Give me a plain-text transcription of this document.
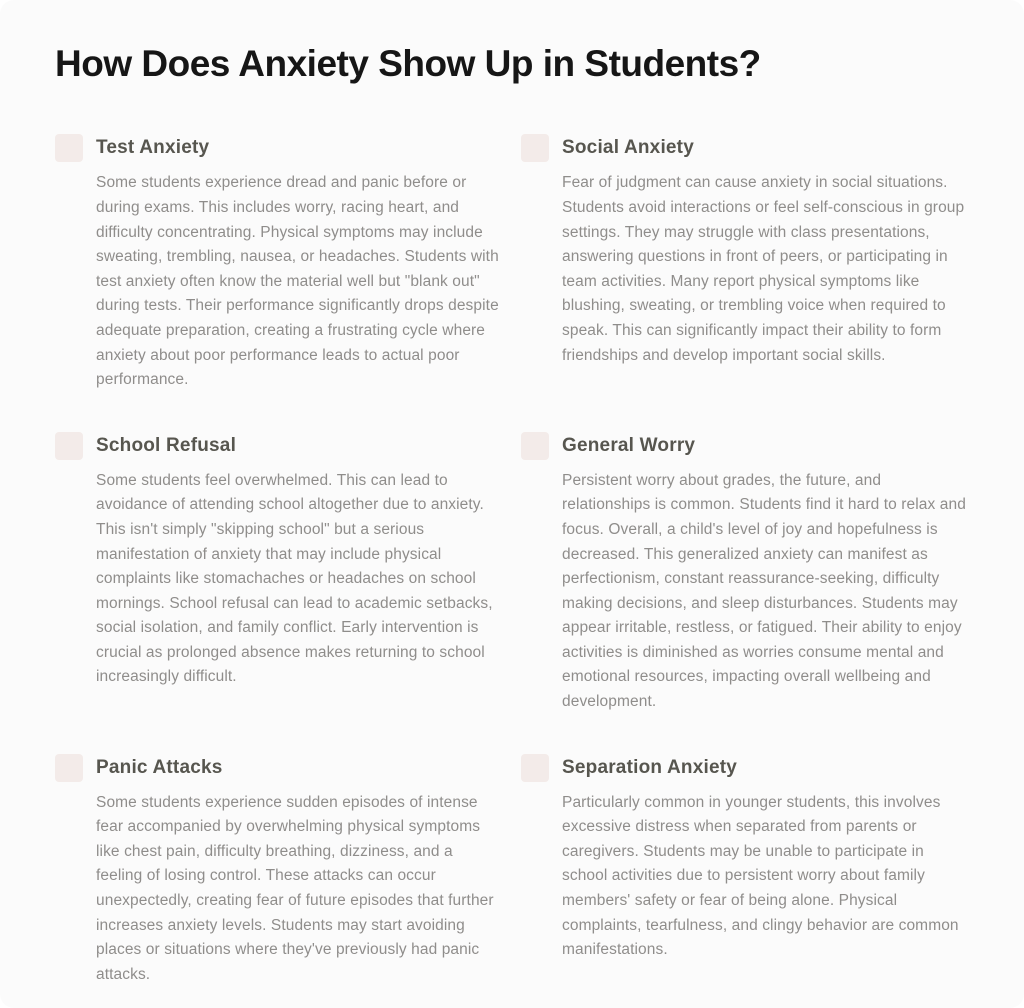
How Does Anxiety Show Up in Students?
Test Anxiety

Some students experience dread and panic before or during exams. This includes worry, racing heart, and difficulty concentrating. Physical symptoms may include sweating, trembling, nausea, or headaches. Students with test anxiety often know the material well but "blank out" during tests. Their performance significantly drops despite adequate preparation, creating a frustrating cycle where anxiety about poor performance leads to actual poor performance.

Social Anxiety

Fear of judgment can cause anxiety in social situations. Students avoid interactions or feel self-conscious in group settings. They may struggle with class presentations, answering questions in front of peers, or participating in team activities. Many report physical symptoms like blushing, sweating, or trembling voice when required to speak. This can significantly impact their ability to form friendships and develop important social skills.

School Refusal

Some students feel overwhelmed. This can lead to avoidance of attending school altogether due to anxiety. This isn't simply "skipping school" but a serious manifestation of anxiety that may include physical complaints like stomachaches or headaches on school mornings. School refusal can lead to academic setbacks, social isolation, and family conflict. Early intervention is crucial as prolonged absence makes returning to school increasingly difficult.

General Worry

Persistent worry about grades, the future, and relationships is common. Students find it hard to relax and focus. Overall, a child's level of joy and hopefulness is decreased. This generalized anxiety can manifest as perfectionism, constant reassurance-seeking, difficulty making decisions, and sleep disturbances. Students may appear irritable, restless, or fatigued. Their ability to enjoy activities is diminished as worries consume mental and emotional resources, impacting overall wellbeing and development.

Panic Attacks

Some students experience sudden episodes of intense fear accompanied by overwhelming physical symptoms like chest pain, difficulty breathing, dizziness, and a feeling of losing control. These attacks can occur unexpectedly, creating fear of future episodes that further increases anxiety levels. Students may start avoiding places or situations where they've previously had panic attacks.

Separation Anxiety

Particularly common in younger students, this involves excessive distress when separated from parents or caregivers. Students may be unable to participate in school activities due to persistent worry about family members' safety or fear of being alone. Physical complaints, tearfulness, and clingy behavior are common manifestations.
